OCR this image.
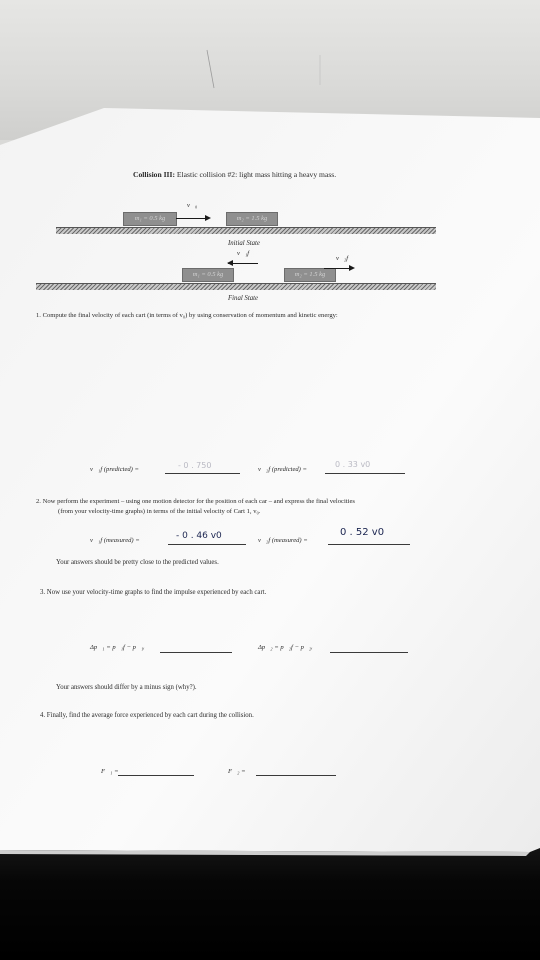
Collision III: Elastic collision #2: light mass hitting a heavy mass.
m₁ = 0.5 kg
v⃗₀
m₂ = 1.5 kg
Initial State
m₁ = 0.5 kg
v⃗₁f
m₂ = 1.5 kg
v⃗₂f
Final State
1. Compute the final velocity of each cart (in terms of v₀) by using conservation of momentum and kinetic energy:
v⃗₁f (predicted) =	- 0 . 750	v⃗₂f (predicted) =
0 . 33 v0
2. Now perform the experiment – using one motion detector for the position of each car – and express the final velocities
(from your velocity-time graphs) in terms of the initial velocity of Cart 1, v₀.
v⃗₁f (measured) =	- 0 . 46 v0	v⃗₂f (measured) =
0 . 52 v0
Your answers should be pretty close to the predicted values.
3. Now use your velocity-time graphs to find the impulse experienced by each cart.
Δp⃗₁ = p⃗₁f − p⃗₁ᵢ	Δp⃗₂ = p⃗₂f − p⃗₂ᵢ
Your answers should differ by a minus sign (why?).
4. Finally, find the average force experienced by each cart during the collision.
F⃗₁ =	F⃗₂ =
